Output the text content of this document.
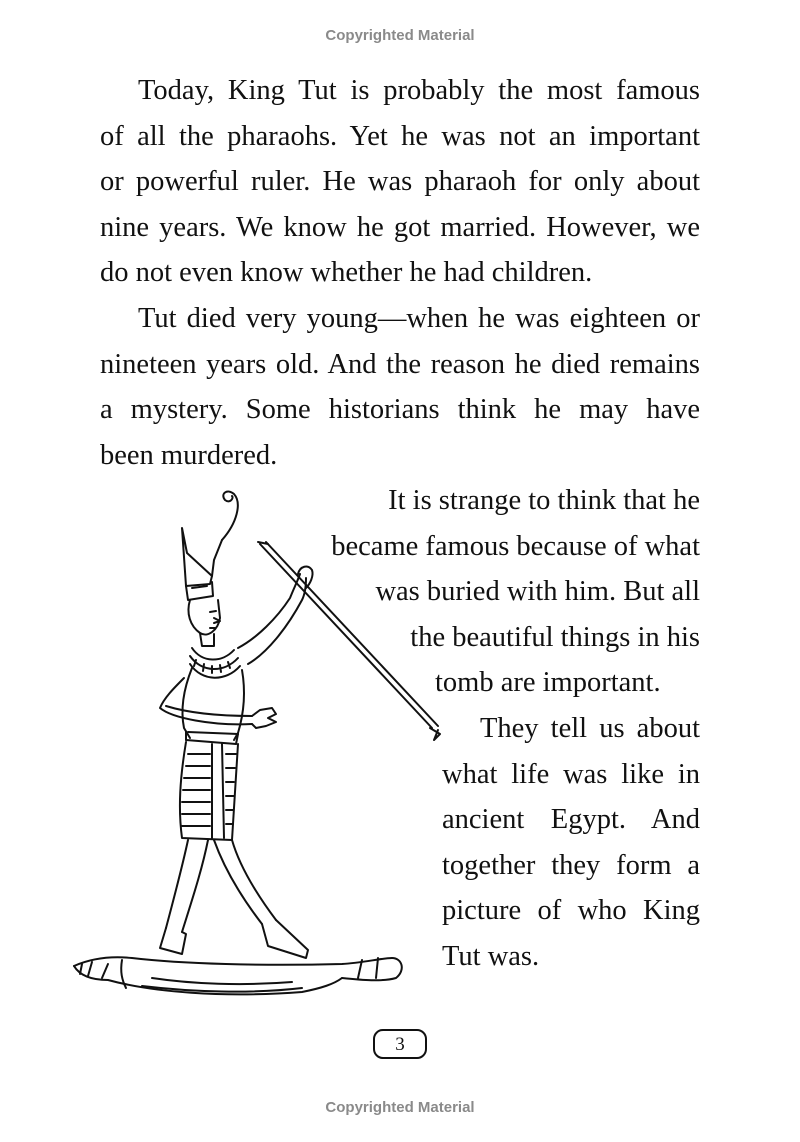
Copyrighted Material
Today, King Tut is probably the most famous
of all the pharaohs. Yet he was not an important
or powerful ruler. He was pharaoh for only about
nine years. We know he got married. However, we
do not even know whether he had children.
Tut died very young—when he was eighteen or
nineteen years old. And the reason he died remains
a mystery. Some historians think he may have
been murdered.
It is strange to think that he
became famous because of what
was buried with him. But all
the beautiful things in his
tomb are important.
They tell us about
what life was like in
ancient Egypt. And
together they form a
picture of who King
Tut was.
3
Copyrighted Material
